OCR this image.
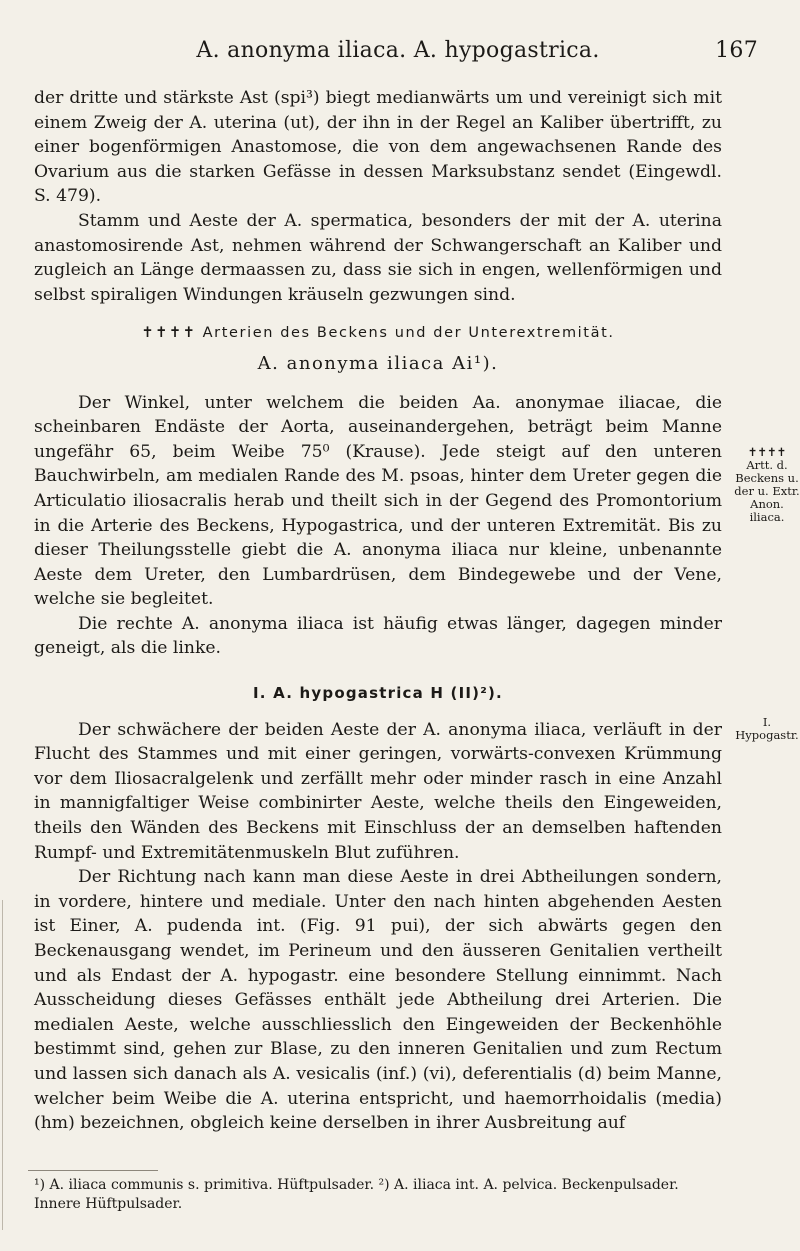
A. anonyma iliaca. A. hypogastrica.	167

der dritte und stärkste Ast (spi³) biegt medianwärts um und vereinigt sich mit einem Zweig der A. uterina (ut), der ihn in der Regel an Kaliber übertrifft, zu einer bogenförmigen Anastomose, die von dem angewachsenen Rande des Ovarium aus die starken Gefässe in dessen Marksubstanz sendet (Eingewdl. S. 479).

Stamm und Aeste der A. spermatica, besonders der mit der A. uterina anastomosirende Ast, nehmen während der Schwangerschaft an Kaliber und zugleich an Länge dermaassen zu, dass sie sich in engen, wellenförmigen und selbst spiraligen Windungen kräuseln gezwungen sind.

✝✝✝✝ Arterien des Beckens und der Unterextremität.
A. anonyma iliaca Ai¹).

Der Winkel, unter welchem die beiden Aa. anonymae iliacae, die scheinbaren Endäste der Aorta, auseinandergehen, beträgt beim Manne ungefähr 65, beim Weibe 75⁰ (Krause). Jede steigt auf den unteren Bauchwirbeln, am medialen Rande des M. psoas, hinter dem Ureter gegen die Articulatio iliosacralis herab und theilt sich in der Gegend des Promontorium in die Arterie des Beckens, Hypogastrica, und der unteren Extremität. Bis zu dieser Theilungsstelle giebt die A. anonyma iliaca nur kleine, unbenannte Aeste dem Ureter, den Lumbardrüsen, dem Bindegewebe und der Vene, welche sie begleitet.

Die rechte A. anonyma iliaca ist häufig etwas länger, dagegen minder geneigt, als die linke.

I. A. hypogastrica H (II)²).

Der schwächere der beiden Aeste der A. anonyma iliaca, verläuft in der Flucht des Stammes und mit einer geringen, vorwärts-convexen Krümmung vor dem Iliosacralgelenk und zerfällt mehr oder minder rasch in eine Anzahl in mannigfaltiger Weise combinirter Aeste, welche theils den Eingeweiden, theils den Wänden des Beckens mit Einschluss der an demselben haftenden Rumpf- und Extremitätenmuskeln Blut zuführen.

Der Richtung nach kann man diese Aeste in drei Abtheilungen sondern, in vordere, hintere und mediale. Unter den nach hinten abgehenden Aesten ist Einer, A. pudenda int. (Fig. 91 pui), der sich abwärts gegen den Beckenausgang wendet, im Perineum und den äusseren Genitalien vertheilt und als Endast der A. hypogastr. eine besondere Stellung einnimmt. Nach Ausscheidung dieses Gefässes enthält jede Abtheilung drei Arterien. Die medialen Aeste, welche ausschliesslich den Eingeweiden der Beckenhöhle bestimmt sind, gehen zur Blase, zu den inneren Genitalien und zum Rectum und lassen sich danach als A. vesicalis (inf.) (vi), deferentialis (d) beim Manne, welcher beim Weibe die A. uterina entspricht, und haemorrhoidalis (media) (hm) bezeichnen, obgleich keine derselben in ihrer Ausbreitung auf

✝✝✝✝ Artt. d. Beckens u. der u. Extr. Anon. iliaca.
I. Hypogastr.
¹) A. iliaca communis s. primitiva. Hüftpulsader. ²) A. iliaca int. A. pelvica. Beckenpulsader. Innere Hüftpulsader.
